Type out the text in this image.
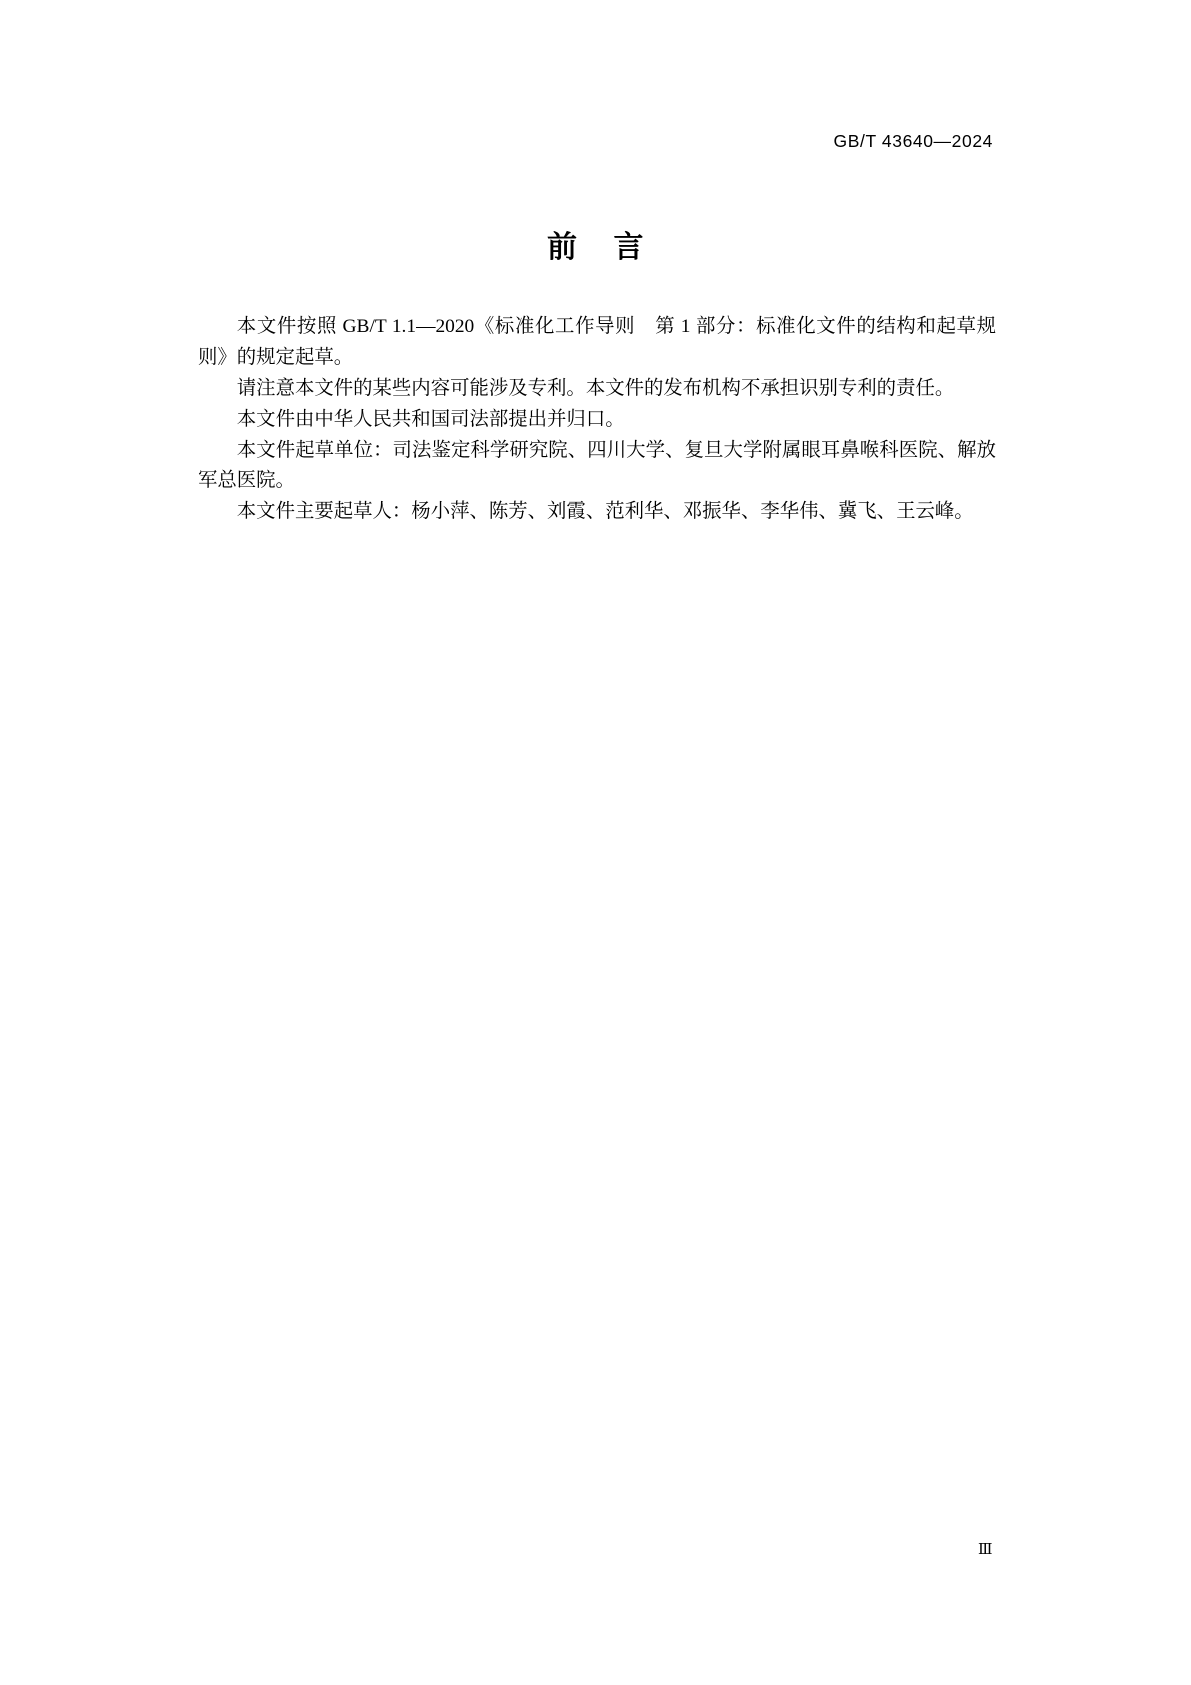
GB/T 43640—2024
前 言

本文件按照 GB/T 1.1—2020《标准化工作导则　第 1 部分：标准化文件的结构和起草规则》的规定起草。

请注意本文件的某些内容可能涉及专利。本文件的发布机构不承担识别专利的责任。

本文件由中华人民共和国司法部提出并归口。

本文件起草单位：司法鉴定科学研究院、四川大学、复旦大学附属眼耳鼻喉科医院、解放军总医院。

本文件主要起草人：杨小萍、陈芳、刘霞、范利华、邓振华、李华伟、冀飞、王云峰。

Ⅲ
